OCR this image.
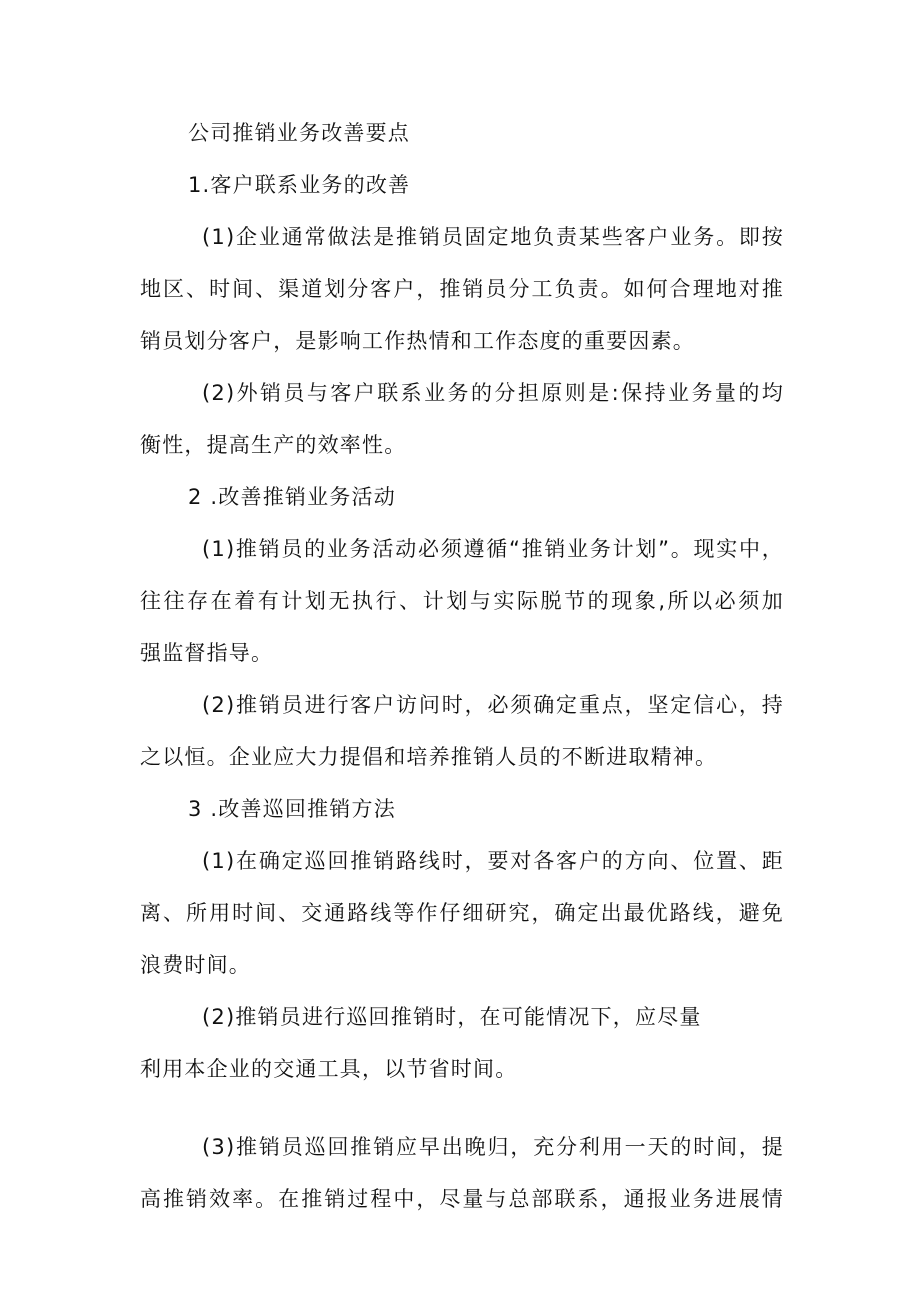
公司推销业务改善要点

1.客户联系业务的改善

(1)企业通常做法是推销员固定地负责某些客户业务。即按

地区、时间、渠道划分客户，推销员分工负责。如何合理地对推

销员划分客户，是影响工作热情和工作态度的重要因素。

(2)外销员与客户联系业务的分担原则是:保持业务量的均

衡性，提高生产的效率性。

2 .改善推销业务活动

(1)推销员的业务活动必须遵循“推销业务计划”。现实中，

往往存在着有计划无执行、计划与实际脱节的现象,所以必须加

强监督指导。

(2)推销员进行客户访问时，必须确定重点，坚定信心，持

之以恒。企业应大力提倡和培养推销人员的不断进取精神。

3 .改善巡回推销方法

(1)在确定巡回推销路线时，要对各客户的方向、位置、距

离、所用时间、交通路线等作仔细研究，确定出最优路线，避免

浪费时间。

(2)推销员进行巡回推销时，在可能情况下，应尽量

利用本企业的交通工具，以节省时间。

(3)推销员巡回推销应早出晚归，充分利用一天的时间，提

高推销效率。在推销过程中，尽量与总部联系，通报业务进展情
